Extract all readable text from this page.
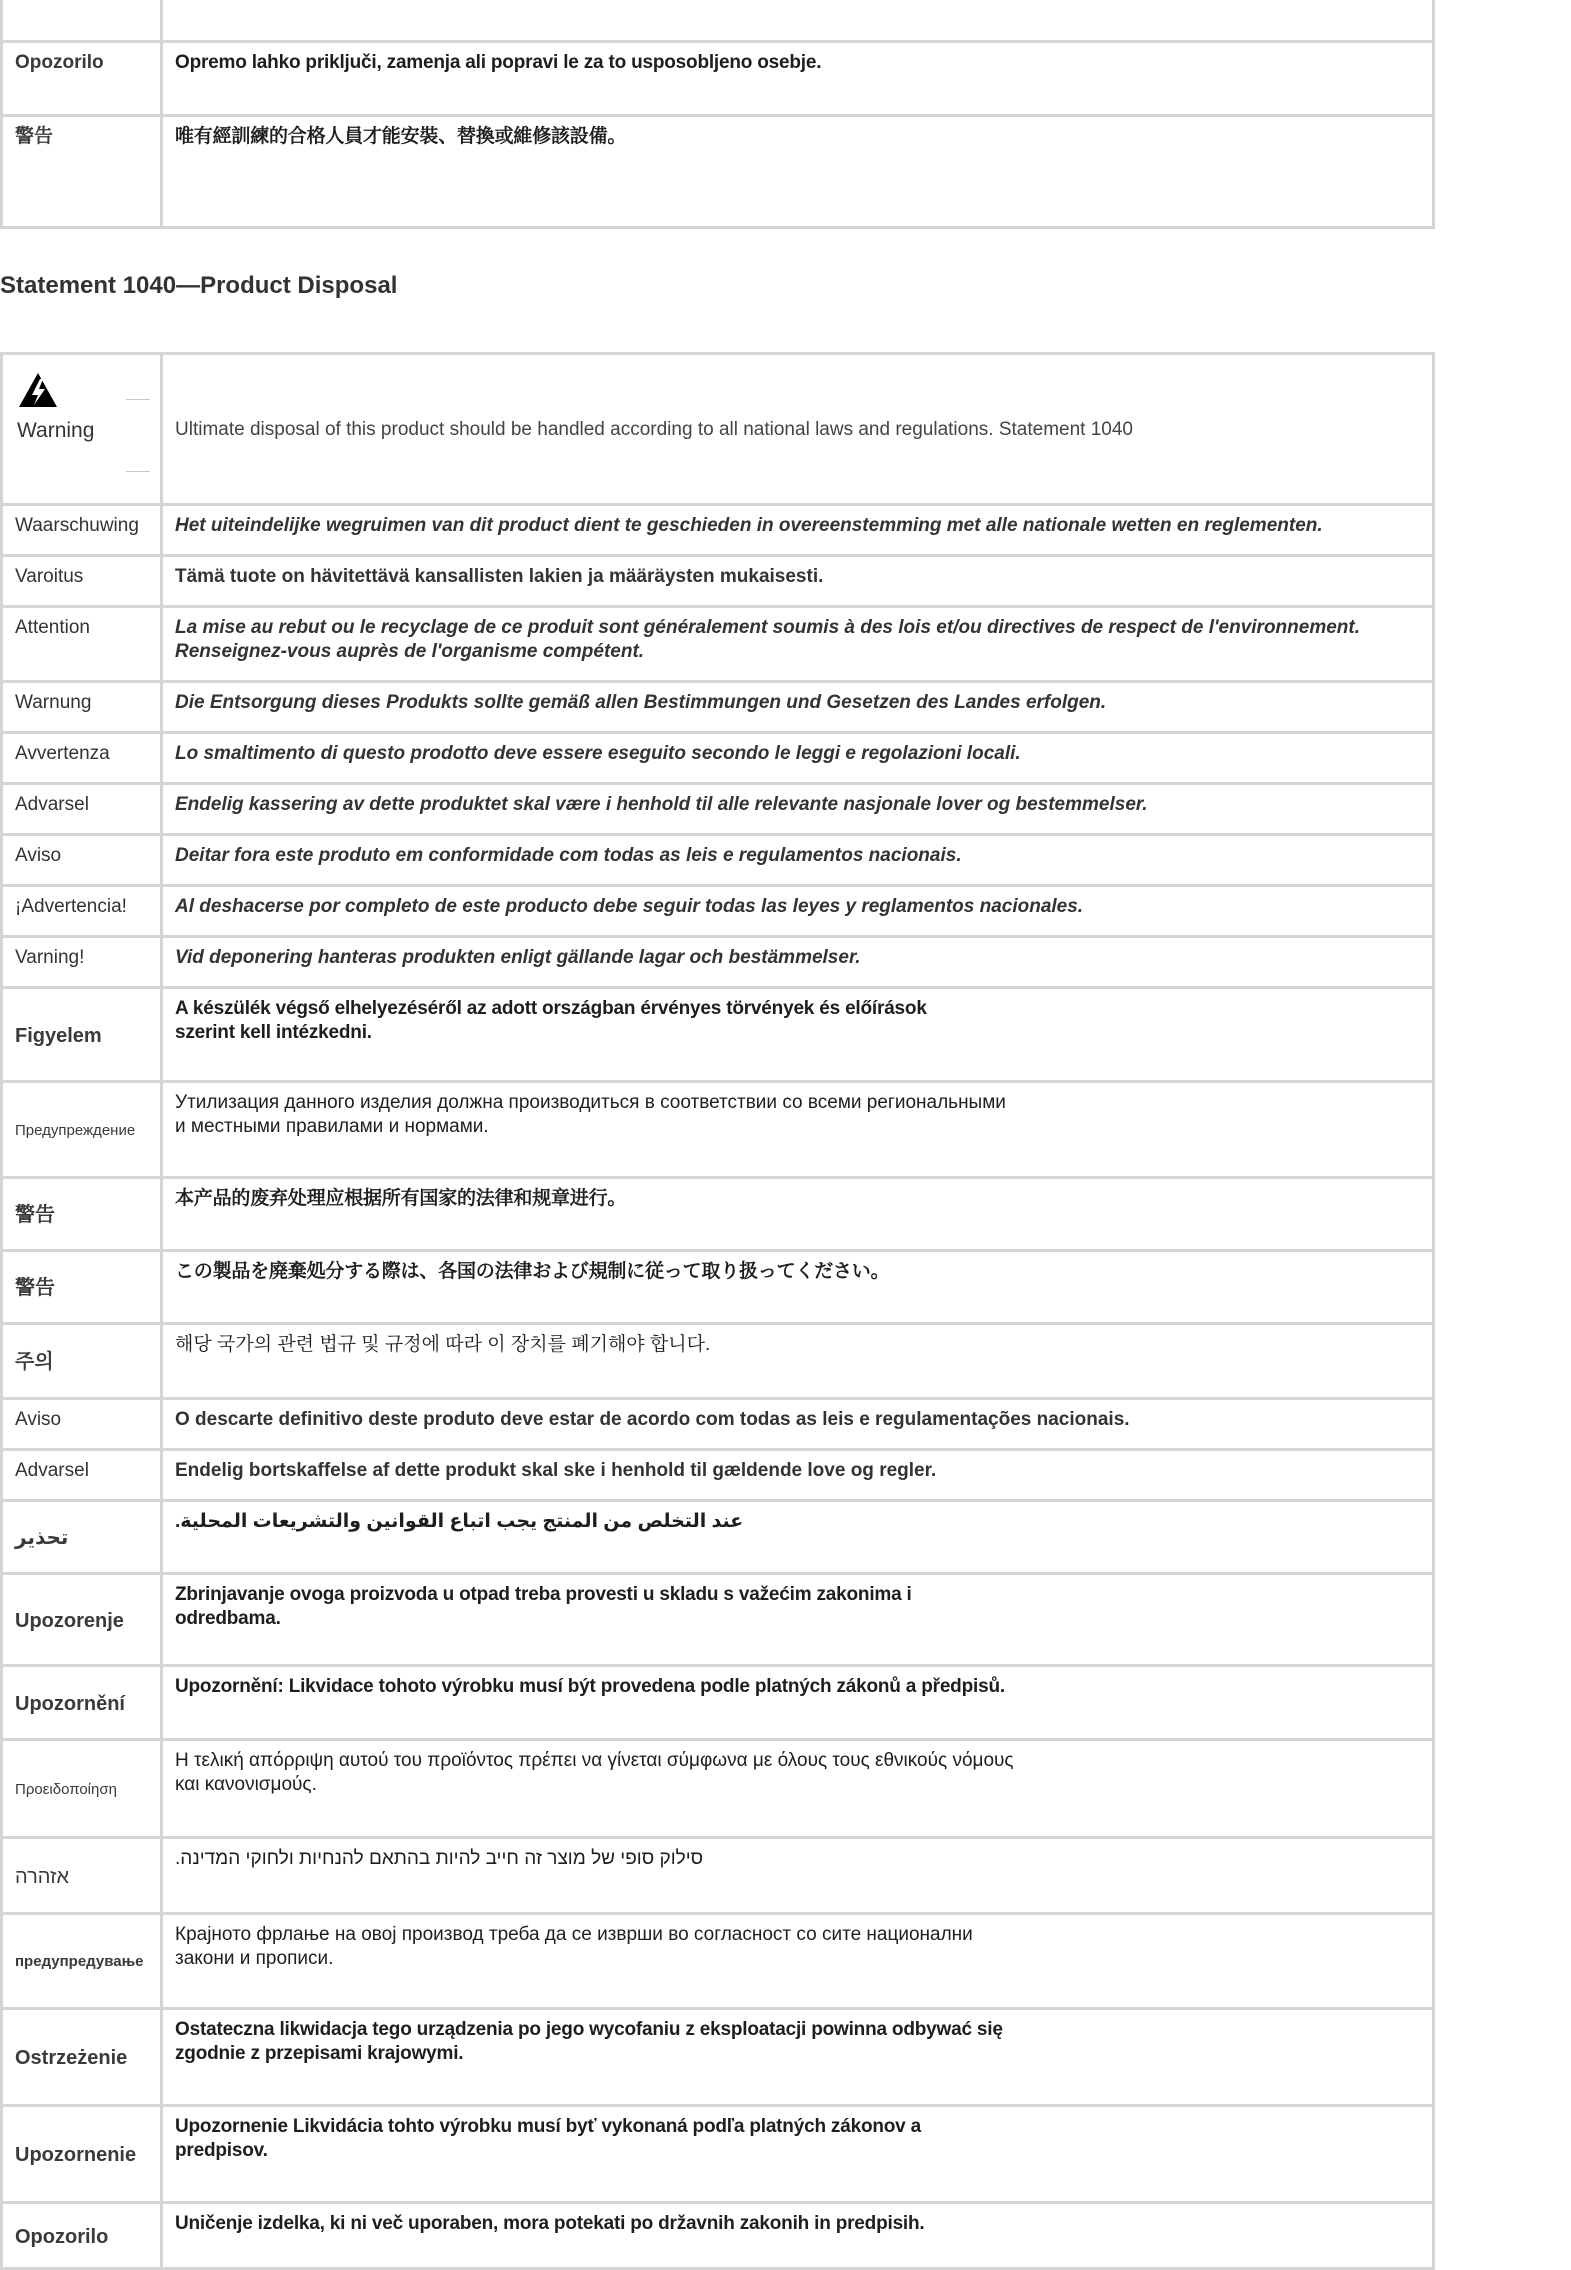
Opozorilo	Opremo lahko priključi, zamenja ali popravi le za to usposobljeno osebje.
警告	唯有經訓練的合格人員才能安裝、替換或維修該設備。
Statement 1040—Product Disposal
Warning	Ultimate disposal of this product should be handled according to all national laws and regulations. Statement 1040
Waarschuwing	Het uiteindelijke wegruimen van dit product dient te geschieden in overeenstemming met alle nationale wetten en reglementen.
Varoitus	Tämä tuote on hävitettävä kansallisten lakien ja määräysten mukaisesti.
Attention	La mise au rebut ou le recyclage de ce produit sont généralement soumis à des lois et/ou directives de respect de l'environnement. Renseignez-vous auprès de l'organisme compétent.
Warnung	Die Entsorgung dieses Produkts sollte gemäß allen Bestimmungen und Gesetzen des Landes erfolgen.
Avvertenza	Lo smaltimento di questo prodotto deve essere eseguito secondo le leggi e regolazioni locali.
Advarsel	Endelig kassering av dette produktet skal være i henhold til alle relevante nasjonale lover og bestemmelser.
Aviso	Deitar fora este produto em conformidade com todas as leis e regulamentos nacionais.
¡Advertencia!	Al deshacerse por completo de este producto debe seguir todas las leyes y reglamentos nacionales.
Varning!	Vid deponering hanteras produkten enligt gällande lagar och bestämmelser.
Figyelem	A készülék végső elhelyezéséről az adott országban érvényes törvények és előírások
szerint kell intézkedni.
Предупреждение	Утилизация данного изделия должна производиться в соответствии со всеми региональными
и местными правилами и нормами.
警告	本产品的废弃处理应根据所有国家的法律和规章进行。
警告	この製品を廃棄処分する際は、各国の法律および規制に従って取り扱ってください。
주의	해당 국가의 관련 법규 및 규정에 따라 이 장치를 폐기해야 합니다.
Aviso	O descarte definitivo deste produto deve estar de acordo com todas as leis e regulamentações nacionais.
Advarsel	Endelig bortskaffelse af dette produkt skal ske i henhold til gældende love og regler.
تحذير	عند التخلص من المنتج يجب اتباع القوانين والتشريعات المحلية.
Upozorenje	Zbrinjavanje ovoga proizvoda u otpad treba provesti u skladu s važećim zakonima i
odredbama.
Upozornění	Upozornění: Likvidace tohoto výrobku musí být provedena podle platných zákonů a předpisů.
Προειδοποίηση	Η τελική απόρριψη αυτού του προϊόντος πρέπει να γίνεται σύμφωνα με όλους τους εθνικούς νόμους
και κανονισμούς.
אזהרה	סילוק סופי של מוצר זה חייב להיות בהתאם להנחיות ולחוקי המדינה.
предупредување	Крајното фрлање на овој производ треба да се изврши во согласност со сите национални
закони и прописи.
Ostrzeżenie	Ostateczna likwidacja tego urządzenia po jego wycofaniu z eksploatacji powinna odbywać się
zgodnie z przepisami krajowymi.
Upozornenie	Upozornenie Likvidácia tohto výrobku musí byť vykonaná podľa platných zákonov a
predpisov.
Opozorilo	Uničenje izdelka, ki ni več uporaben, mora potekati po državnih zakonih in predpisih.
